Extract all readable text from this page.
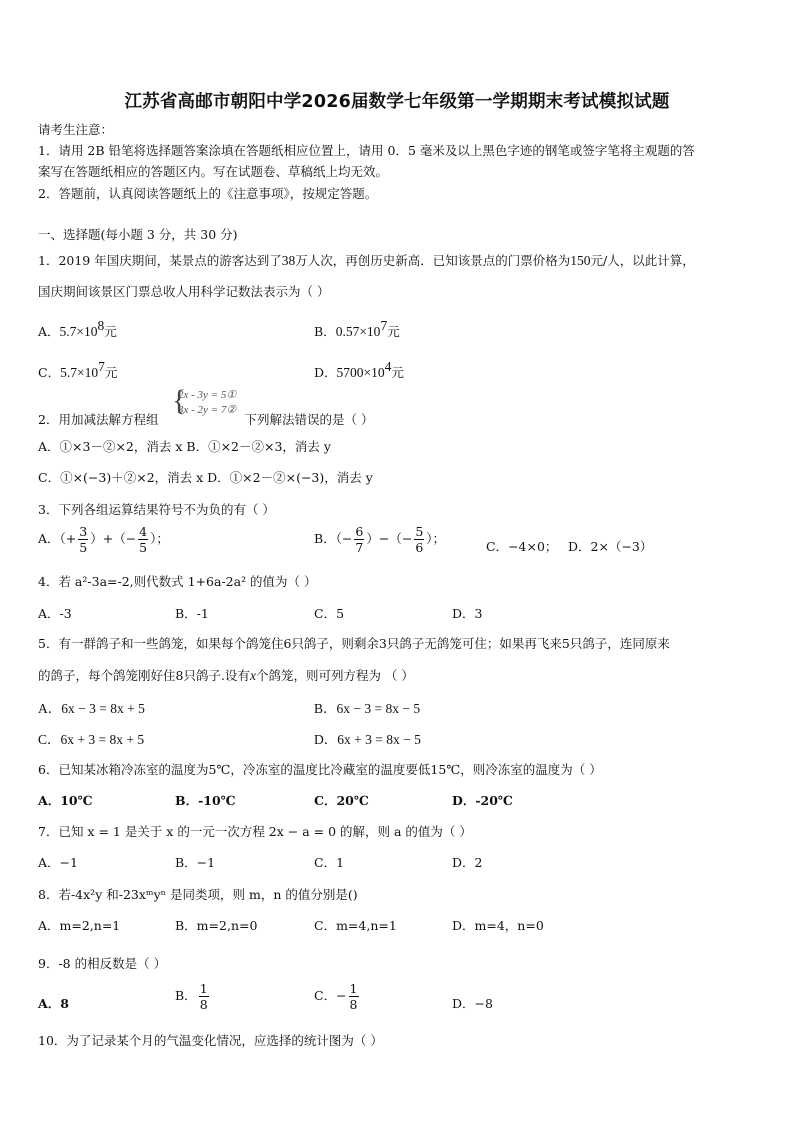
江苏省高邮市朝阳中学2026届数学七年级第一学期期末考试模拟试题
请考生注意：
1．请用 2B 铅笔将选择题答案涂填在答题纸相应位置上，请用 0．5 毫米及以上黑色字迹的钢笔或签字笔将主观题的答
案写在答题纸相应的答题区内。写在试题卷、草稿纸上均无效。
2．答题前，认真阅读答题纸上的《注意事项》，按规定答题。
一、选择题(每小题 3 分，共 30 分)
1．2019 年国庆期间，某景点的游客达到了38万人次，再创历史新高．已知该景点的门票价格为150元/人，以此计算，
国庆期间该景区门票总收人用科学记数法表示为（ ）
A．$5.7\times 10^8$元	B．$0.57\times 10^7$元
C．$5.7\times 10^7$元	D．$5700\times 10^4$元
{
2x - 3y = 5①
3x - 2y = 7②
2．用加减法解方程组	下列解法错误的是（ ）
A．①×3－②×2，消去 x B．①×2－②×3，消去 y
C．①×(−3)＋②×2，消去 x D．①×2－②×(−3)，消去 y
3．下列各组运算结果符号不为负的有（ ）
A．（+ $\frac{3}{5}$ ）+（− $\frac{4}{5}$ ）；	B．（− $\frac{6}{7}$ ）−（− $\frac{5}{6}$ ）；
C．−4×0； D．2×（−3）
4．若 a²-3a=-2,则代数式 1+6a-2a² 的值为（ ）
A．-3	B．-1	C．5	D．3
5．有一群鸽子和一些鸽笼，如果每个鸽笼住6只鸽子，则剩余3只鸽子无鸽笼可住；如果再飞来5只鸽子，连同原来
的鸽子，每个鸽笼刚好住8只鸽子.设有x个鸽笼，则可列方程为 （ ）
A．6x − 3 = 8x + 5	B．6x − 3 = 8x − 5
C．6x + 3 = 8x + 5	D．6x + 3 = 8x − 5
6．已知某冰箱冷冻室的温度为5℃，冷冻室的温度比冷藏室的温度要低15℃，则冷冻室的温度为（ ）
A．10℃	B．-10℃	C．20℃	D．-20℃
7．已知 x = 1 是关于 x 的一元一次方程 2x − a = 0 的解，则 a 的值为（ ）
A．−1	B．−1	C．1	D．2
8．若-4x²y 和-23xᵐyⁿ 是同类项，则 m，n 的值分别是()
A．m=2,n=1	B．m=2,n=0	C．m=4,n=1	D．m=4，n=0
9．-8 的相反数是（ ）
A．8
B． $\frac{1}{8}$	C．− $\frac{1}{8}$	D．−8
10．为了记录某个月的气温变化情况，应选择的统计图为（ ）
